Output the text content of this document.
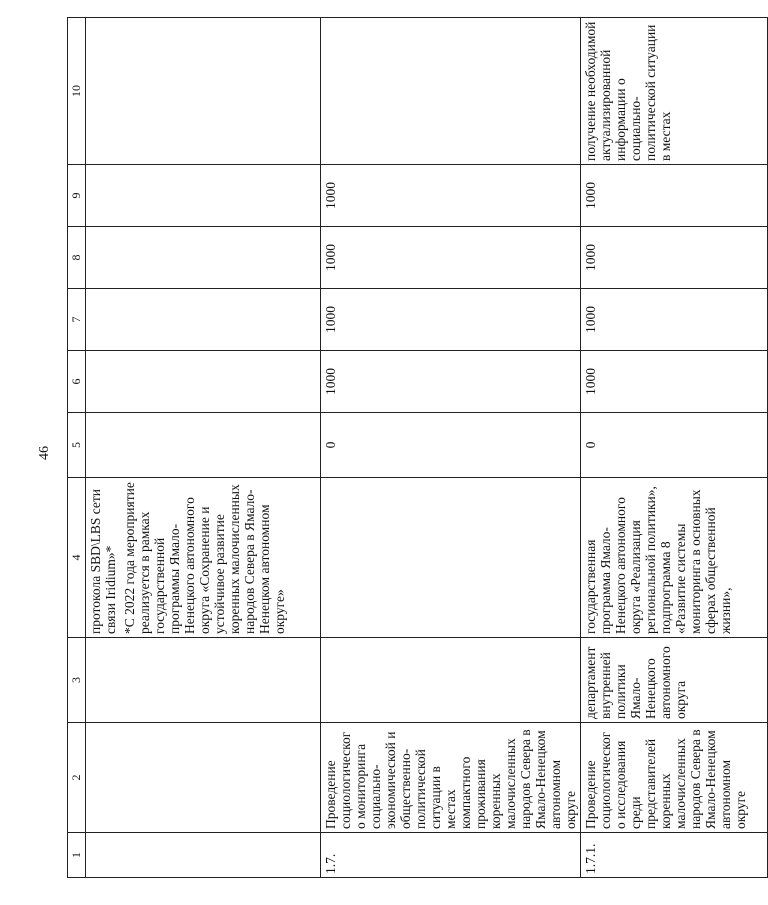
46
1	2	3	4	5	6	7	8	9	10

			протокола SBD\LBS сети связи Iridium»* *С 2022 года мероприятие реализуется в рамках государственной программы Ямало-Ненецкого автономного округа «Сохранение и устойчивое развитие коренных малочисленных народов Севера в Ямало-Ненецком автономном округе»						

1.7.	Проведение социологического мониторинга социально-экономической и общественно-политической ситуации в местах компактного проживания коренных малочисленных народов Севера в Ямало-Ненецком автономном округе			0	1000	1000	1000	1000	
1.7.1.	Проведение социологического исследования среди представителей коренных малочисленных народов Севера в Ямало-Ненецком автономном округе	департамент внутренней политики Ямало-Ненецкого автономного округа	государственная программа Ямало-Ненецкого автономного округа «Реализация региональной политики», подпрограмма 8 «Развитие системы мониторинга в основных сферах общественной жизни»,	0	1000	1000	1000	1000	получение необходимой актуализированной информации о социально-политической ситуации в местах
